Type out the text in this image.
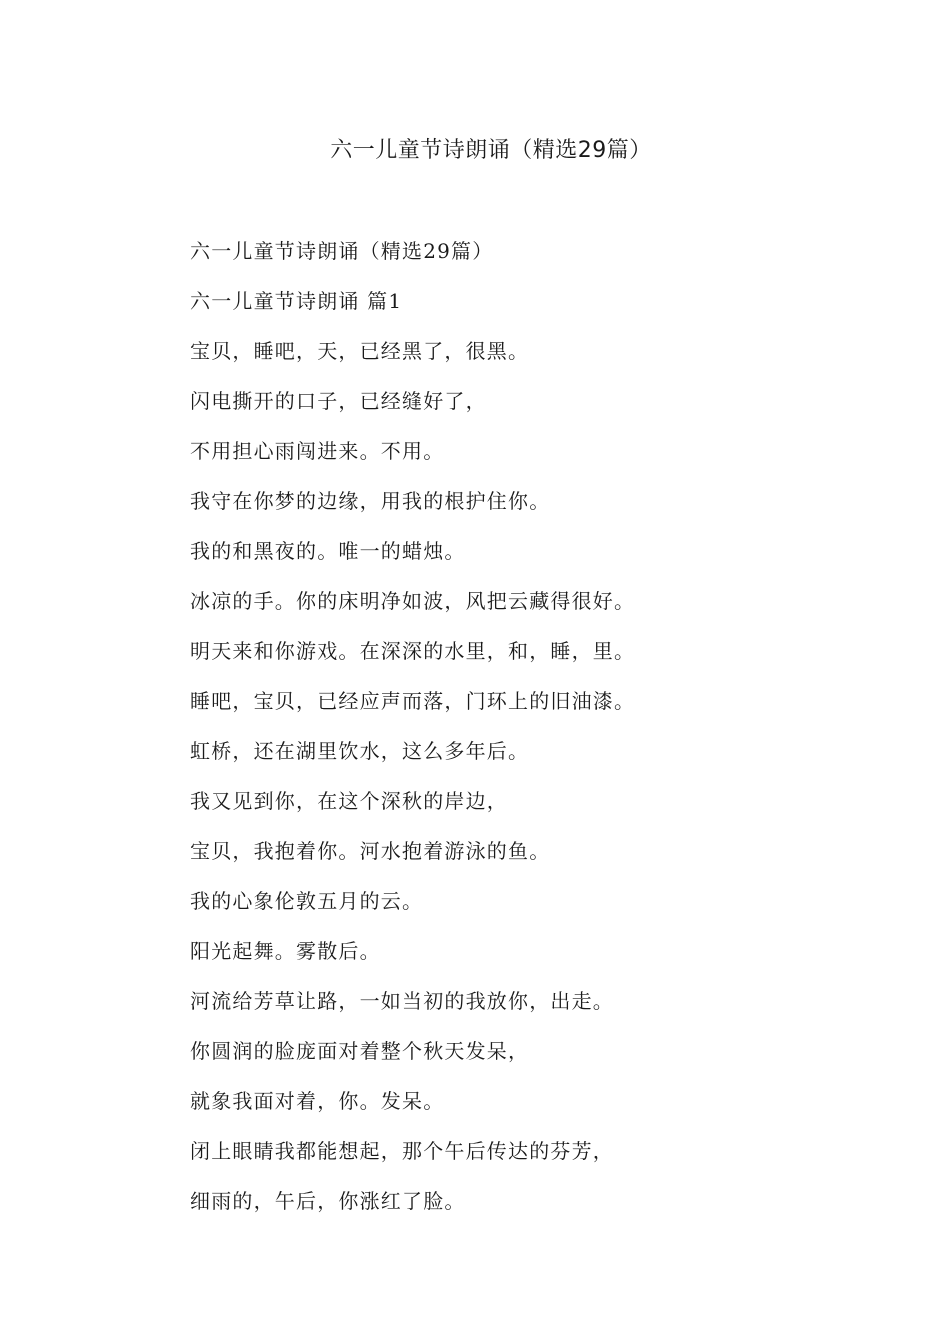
六一儿童节诗朗诵（精选29篇）
六一儿童节诗朗诵（精选29篇）
六一儿童节诗朗诵 篇1
宝贝，睡吧，天，已经黑了，很黑。
闪电撕开的口子，已经缝好了，
不用担心雨闯进来。不用。
我守在你梦的边缘，用我的根护住你。
我的和黑夜的。唯一的蜡烛。
冰凉的手。你的床明净如波，风把云藏得很好。
明天来和你游戏。在深深的水里，和，睡，里。
睡吧，宝贝，已经应声而落，门环上的旧油漆。
虹桥，还在湖里饮水，这么多年后。
我又见到你，在这个深秋的岸边，
宝贝，我抱着你。河水抱着游泳的鱼。
我的心象伦敦五月的云。
阳光起舞。雾散后。
河流给芳草让路，一如当初的我放你，出走。
你圆润的脸庞面对着整个秋天发呆，
就象我面对着，你。发呆。
闭上眼睛我都能想起，那个午后传达的芬芳，
细雨的，午后，你涨红了脸。
